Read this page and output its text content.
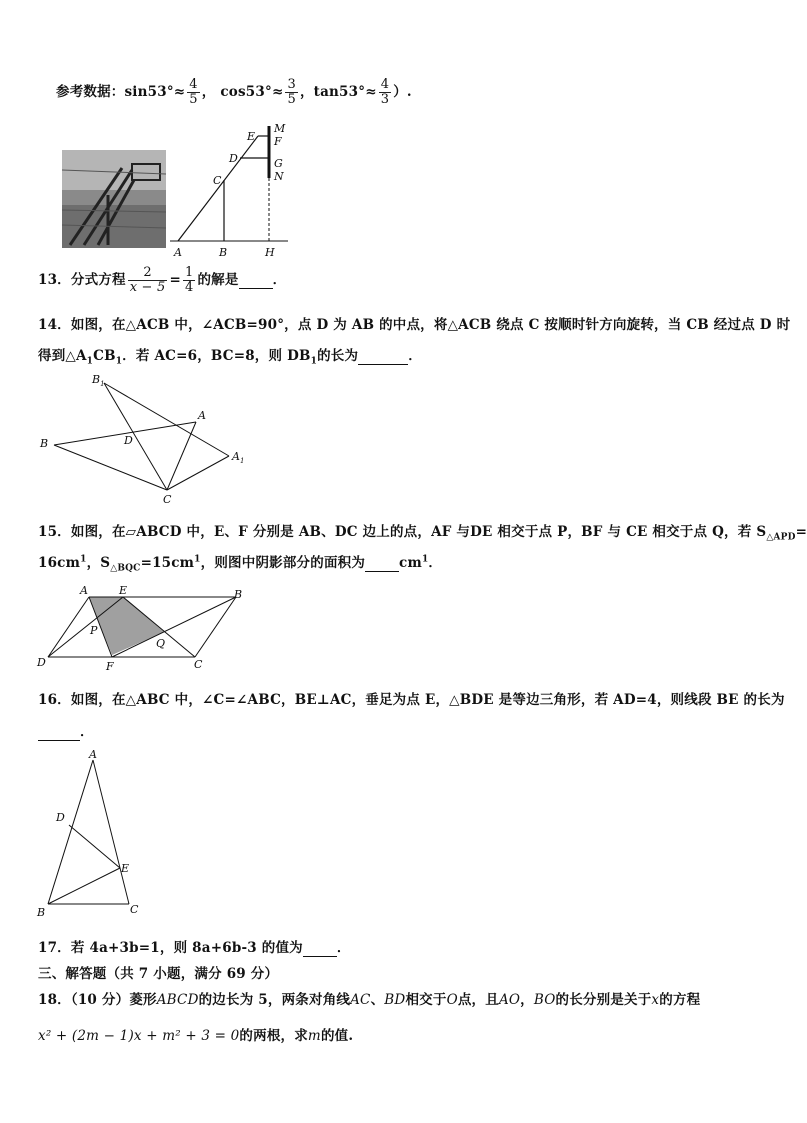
参考数据：$\sin 53^\circ\approx \frac{4}{5}$ ， $\cos 53^\circ\approx \frac{3}{5}$ ，$\tan 53^\circ\approx \frac{4}{3}$ ）.
E
M
F
D	G
N
C
A	B	H
13．分式方程 $\frac{2}{x - 5} = \frac{1}{4}$ 的解是	．
14．如图，在△ACB 中，∠ACB=90°，点 D 为 AB 的中点，将△ACB 绕点 C 按顺时针方向旋转，当 CB 经过点 D 时
得到$\triangle A_1CB_1$．若 AC=6，BC=8，则 $DB_1$的长为	．
$B_1$
A
B	D
$A_1$
C
15．如图，在▱ABCD 中，E、F 分别是 AB、DC 边上的点，AF 与DE 相交于点 P，BF 与 CE 相交于点 Q，若 $S_{\triangle APD}=$
$16cm^1$，$S_{\triangle BQC}=15cm^1$，则图中阴影部分的面积为	$cm^1$．
A	E	B
P
Q
D	F	C
16．如图，在△ABC 中，∠C=∠ABC，BE⊥AC，垂足为点 E，△BDE 是等边三角形，若 AD=4，则线段 BE 的长为
．
A
D
E
B	C
17．若 4a+3b=1，则 8a+6b-3 的值为	．
三、解答题（共 7 小题，满分 69 分）
18．（10 分）菱形ABCD的边长为 5，两条对角线AC、BD相交于O点，且AO，BO的长分别是关于x的方程
x² + (2m − 1)x + m² + 3 = 0的两根，求m的值.
